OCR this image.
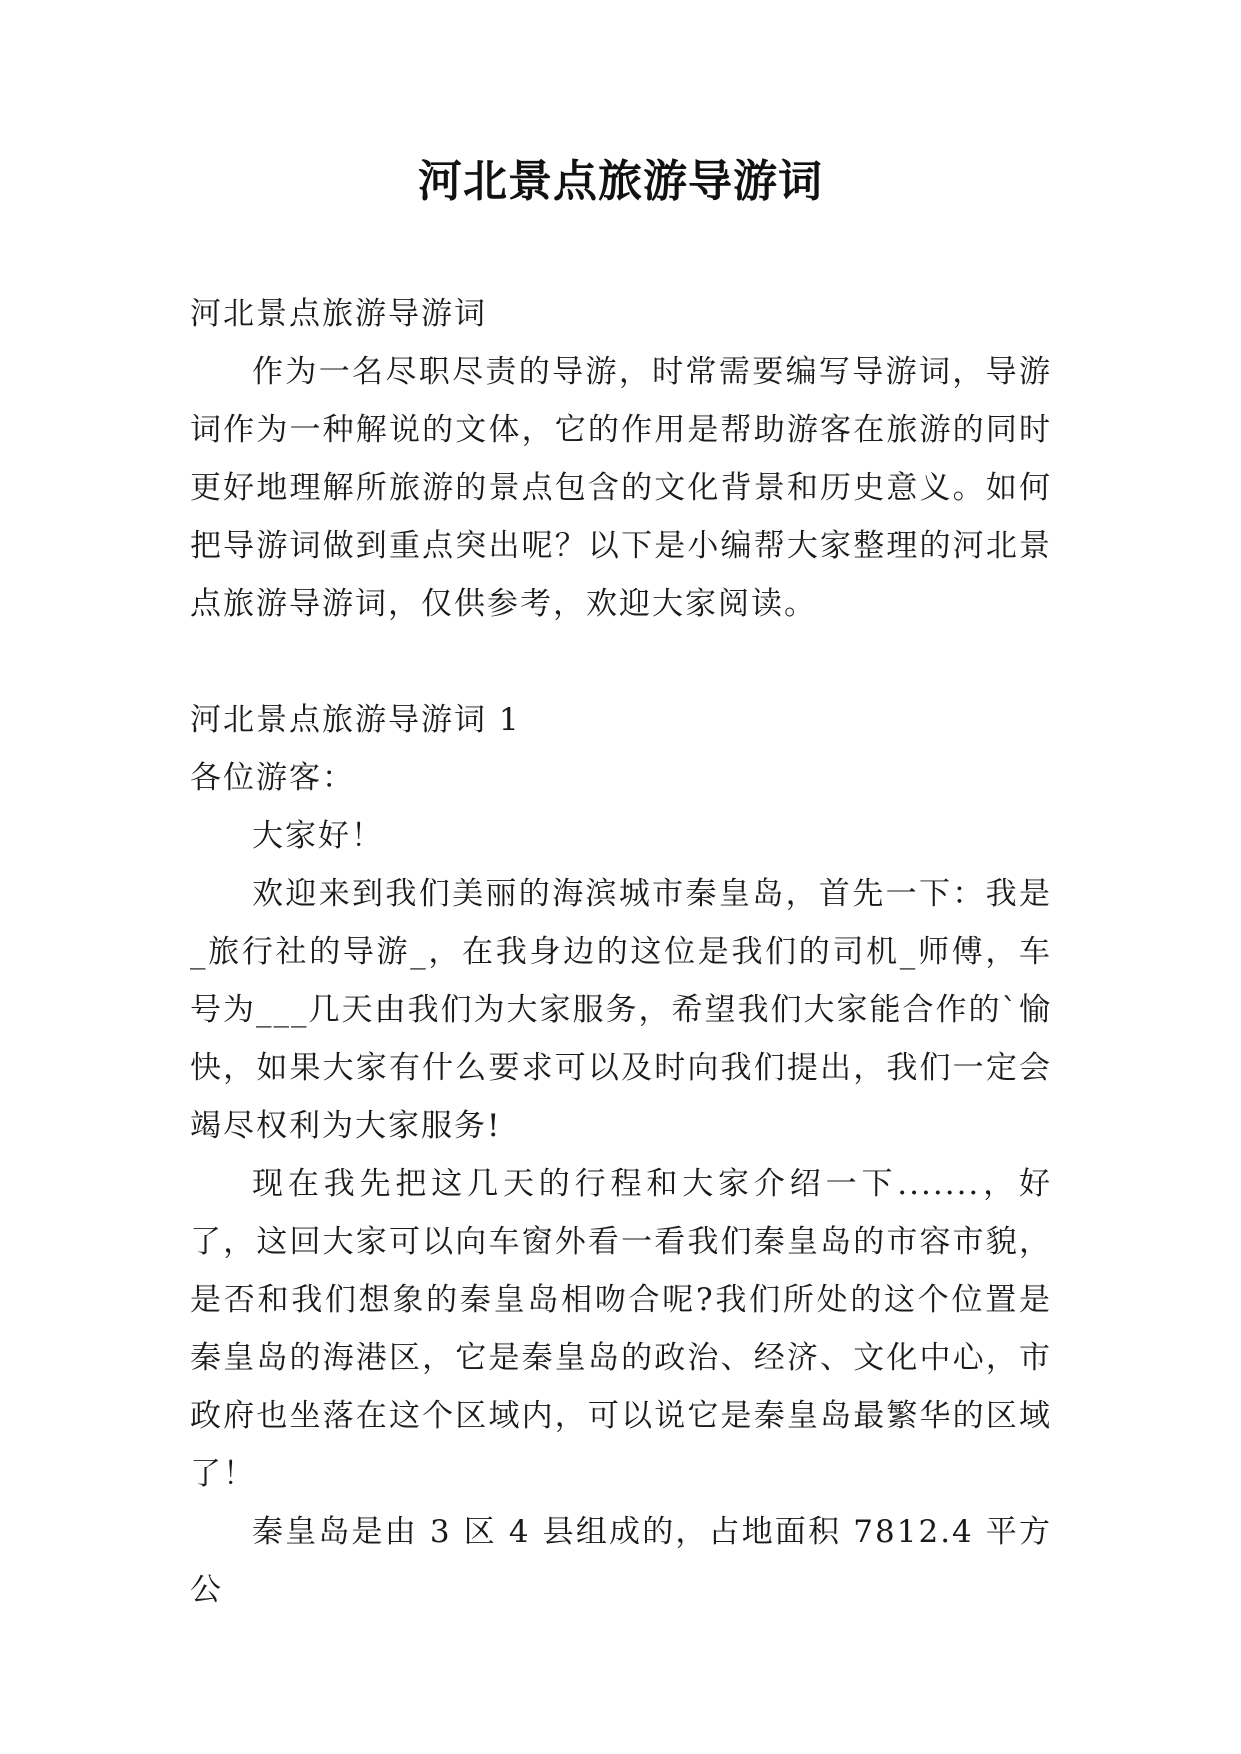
河北景点旅游导游词

河北景点旅游导游词

作为一名尽职尽责的导游，时常需要编写导游词，导游词作为一种解说的文体，它的作用是帮助游客在旅游的同时更好地理解所旅游的景点包含的文化背景和历史意义。如何把导游词做到重点突出呢？以下是小编帮大家整理的河北景点旅游导游词，仅供参考，欢迎大家阅读。

河北景点旅游导游词 1

各位游客：

大家好！

欢迎来到我们美丽的海滨城市秦皇岛，首先一下：我是_旅行社的导游_，在我身边的这位是我们的司机_师傅，车号为___几天由我们为大家服务，希望我们大家能合作的`愉快，如果大家有什么要求可以及时向我们提出，我们一定会竭尽权利为大家服务!

现在我先把这几天的行程和大家介绍一下.......，好了，这回大家可以向车窗外看一看我们秦皇岛的市容市貌，是否和我们想象的秦皇岛相吻合呢?我们所处的这个位置是秦皇岛的海港区，它是秦皇岛的政治、经济、文化中心，市政府也坐落在这个区域内，可以说它是秦皇岛最繁华的区域了！

秦皇岛是由 3 区 4 县组成的，占地面积 7812.4 平方公
